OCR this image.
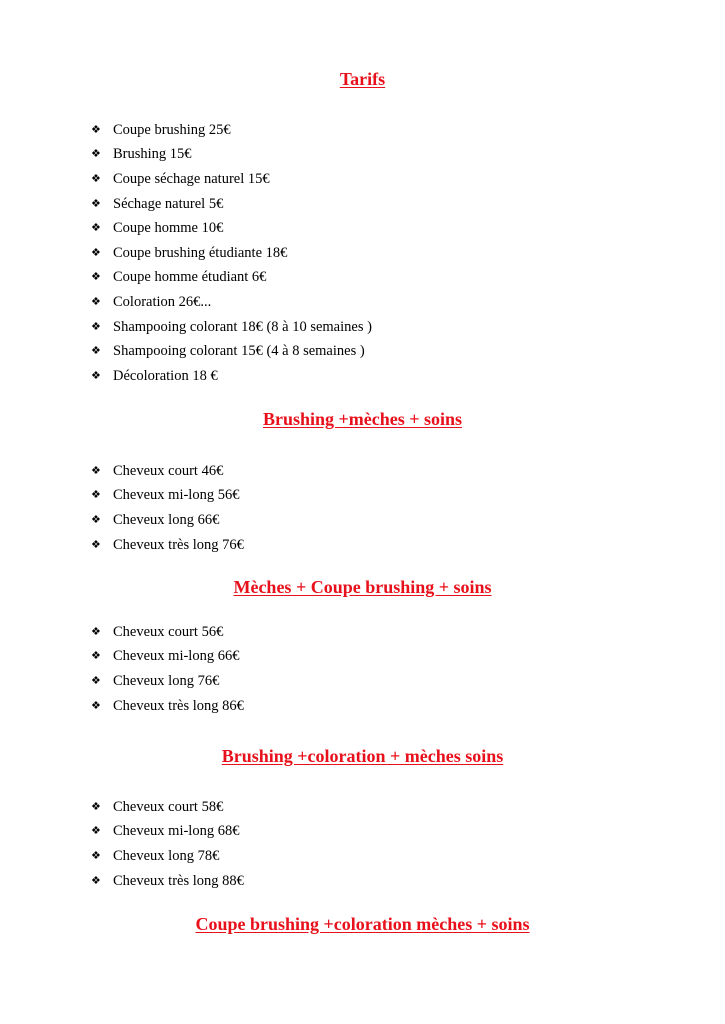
Tarifs
❖ Coupe brushing 25€
❖ Brushing 15€
❖ Coupe séchage naturel 15€
❖ Séchage naturel 5€
❖ Coupe homme 10€
❖ Coupe brushing étudiante 18€
❖ Coupe homme étudiant 6€
❖ Coloration 26€...
❖ Shampooing colorant 18€ (8 à 10 semaines )
❖ Shampooing colorant 15€ (4 à 8 semaines )
❖ Décoloration 18 €
Brushing +mèches + soins
❖ Cheveux court 46€
❖ Cheveux mi-long 56€
❖ Cheveux long 66€
❖ Cheveux très long 76€
Mèches + Coupe brushing + soins
❖ Cheveux court 56€
❖ Cheveux mi-long 66€
❖ Cheveux long 76€
❖ Cheveux très long 86€
Brushing +coloration + mèches soins
❖ Cheveux court 58€
❖ Cheveux mi-long 68€
❖ Cheveux long 78€
❖ Cheveux très long 88€
Coupe brushing +coloration mèches + soins
